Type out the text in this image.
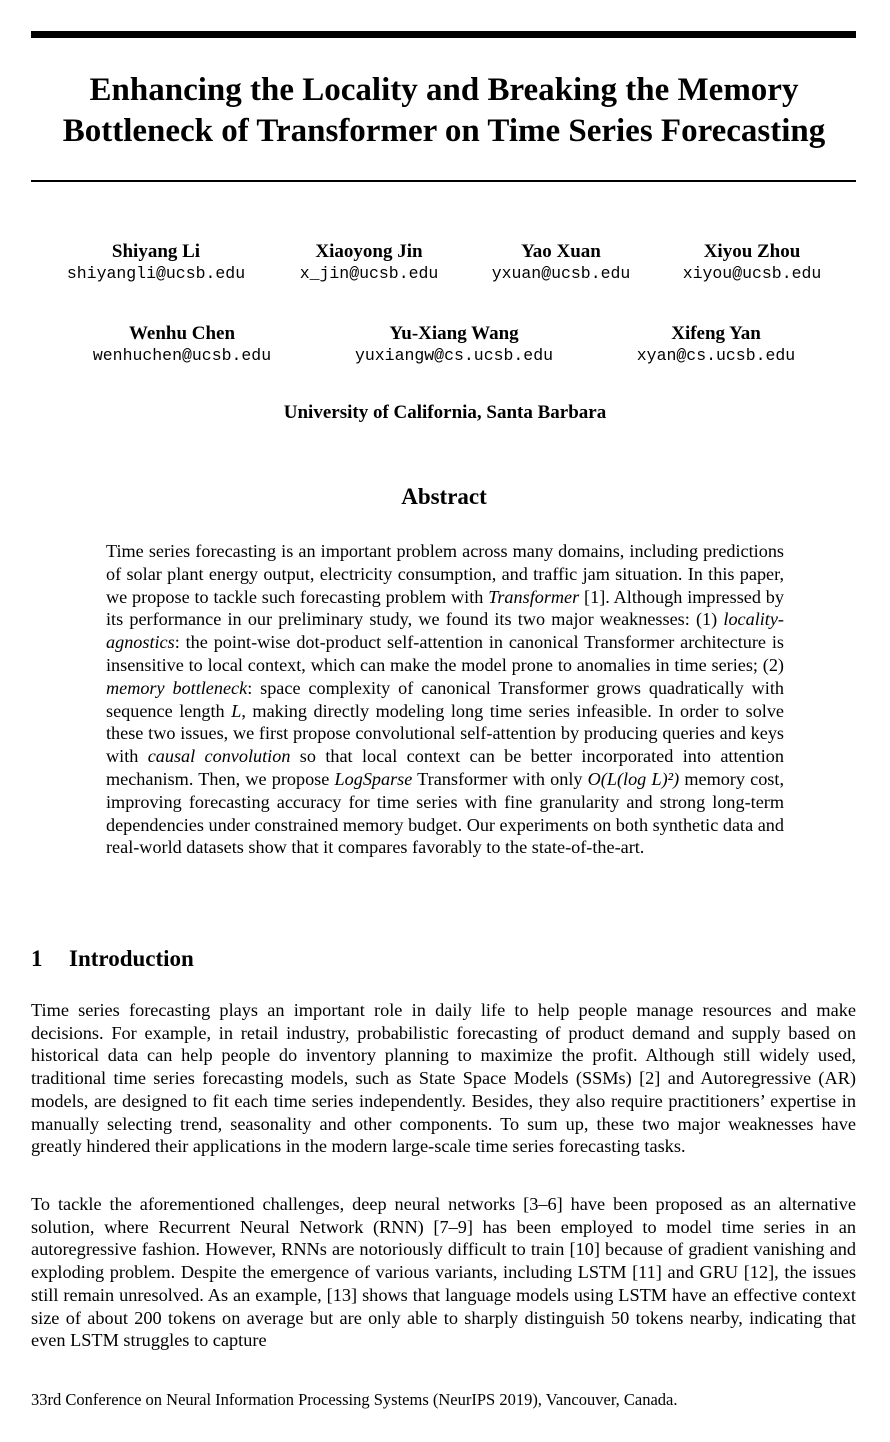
Enhancing the Locality and Breaking the Memory Bottleneck of Transformer on Time Series Forecasting
Shiyang Li
shiyangli@ucsb.edu
Xiaoyong Jin
x_jin@ucsb.edu
Yao Xuan
yxuan@ucsb.edu
Xiyou Zhou
xiyou@ucsb.edu
Wenhu Chen
wenhuchen@ucsb.edu
Yu-Xiang Wang
yuxiangw@cs.ucsb.edu
Xifeng Yan
xyan@cs.ucsb.edu
University of California, Santa Barbara
Abstract

Time series forecasting is an important problem across many domains, including predictions of solar plant energy output, electricity consumption, and traffic jam situation. In this paper, we propose to tackle such forecasting problem with Transformer [1]. Although impressed by its performance in our preliminary study, we found its two major weaknesses: (1) locality-agnostics: the point-wise dot-product self-attention in canonical Transformer architecture is insensitive to local context, which can make the model prone to anomalies in time series; (2) memory bottleneck: space complexity of canonical Transformer grows quadratically with sequence length L, making directly modeling long time series infeasible. In order to solve these two issues, we first propose convolutional self-attention by producing queries and keys with causal convolution so that local context can be better incorporated into attention mechanism. Then, we propose LogSparse Transformer with only O(L(log L)²) memory cost, improving forecasting accuracy for time series with fine granularity and strong long-term dependencies under constrained memory budget. Our experiments on both synthetic data and real-world datasets show that it compares favorably to the state-of-the-art.

1 Introduction

Time series forecasting plays an important role in daily life to help people manage resources and make decisions. For example, in retail industry, probabilistic forecasting of product demand and supply based on historical data can help people do inventory planning to maximize the profit. Although still widely used, traditional time series forecasting models, such as State Space Models (SSMs) [2] and Autoregressive (AR) models, are designed to fit each time series independently. Besides, they also require practitioners’ expertise in manually selecting trend, seasonality and other components. To sum up, these two major weaknesses have greatly hindered their applications in the modern large-scale time series forecasting tasks.

To tackle the aforementioned challenges, deep neural networks [3–6] have been proposed as an alternative solution, where Recurrent Neural Network (RNN) [7–9] has been employed to model time series in an autoregressive fashion. However, RNNs are notoriously difficult to train [10] because of gradient vanishing and exploding problem. Despite the emergence of various variants, including LSTM [11] and GRU [12], the issues still remain unresolved. As an example, [13] shows that language models using LSTM have an effective context size of about 200 tokens on average but are only able to sharply distinguish 50 tokens nearby, indicating that even LSTM struggles to capture

33rd Conference on Neural Information Processing Systems (NeurIPS 2019), Vancouver, Canada.
